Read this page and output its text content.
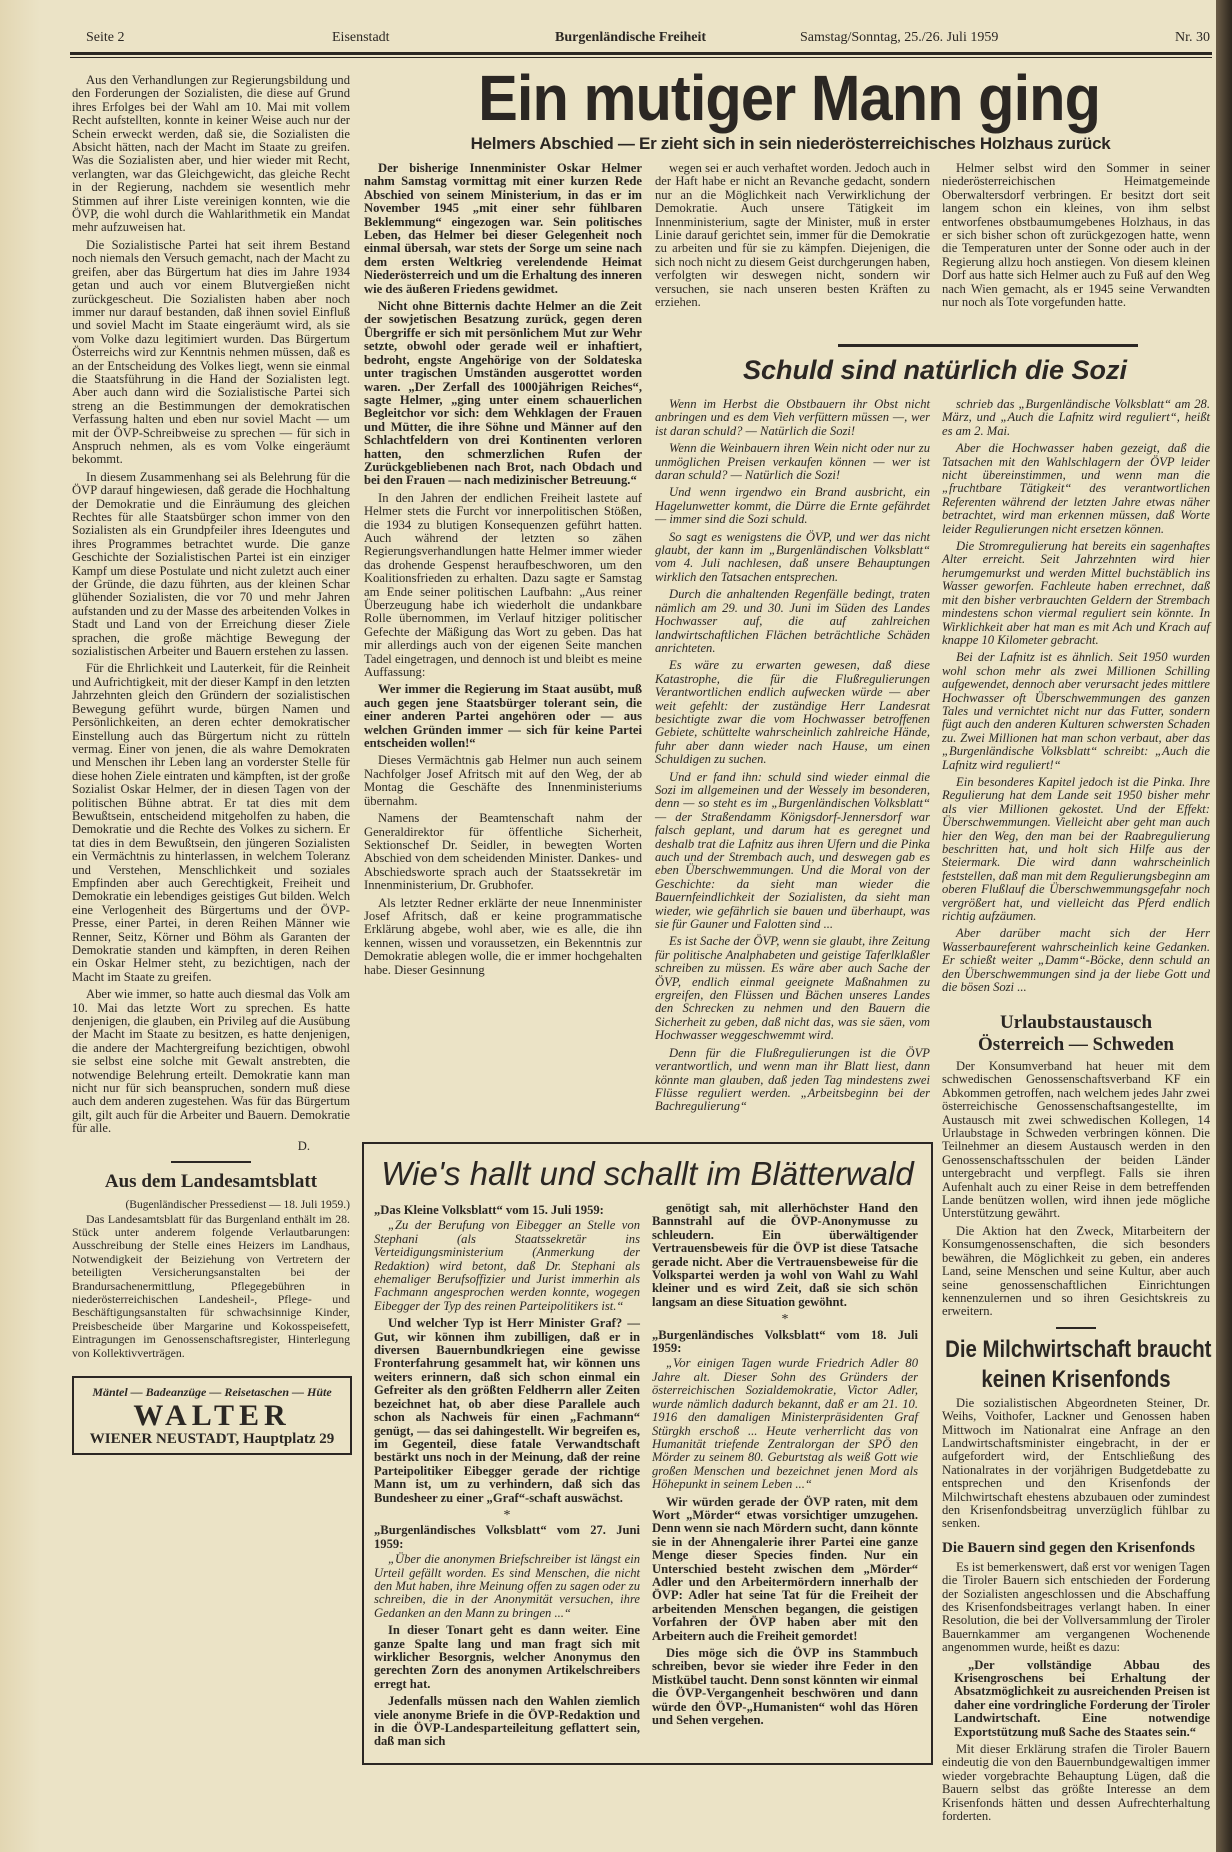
Seite 2	Eisenstadt	Burgenländische Freiheit	Samstag/Sonntag, 25./26. Juli 1959	Nr. 30

Aus den Verhandlungen zur Regierungsbildung und den Forderungen der Sozialisten, die diese auf Grund ihres Erfolges bei der Wahl am 10. Mai mit vollem Recht aufstellten, konnte in keiner Weise auch nur der Schein erweckt werden, daß sie, die Sozialisten die Absicht hätten, nach der Macht im Staate zu greifen. Was die Sozialisten aber, und hier wieder mit Recht, verlangten, war das Gleichgewicht, das gleiche Recht in der Regierung, nachdem sie wesentlich mehr Stimmen auf ihrer Liste vereinigen konnten, wie die ÖVP, die wohl durch die Wahlarithmetik ein Mandat mehr aufzuweisen hat.

Die Sozialistische Partei hat seit ihrem Bestand noch niemals den Versuch gemacht, nach der Macht zu greifen, aber das Bürgertum hat dies im Jahre 1934 getan und auch vor einem Blutvergießen nicht zurückgescheut. Die Sozialisten haben aber noch immer nur darauf bestanden, daß ihnen soviel Einfluß und soviel Macht im Staate eingeräumt wird, als sie vom Volke dazu legitimiert wurden. Das Bürgertum Österreichs wird zur Kenntnis nehmen müssen, daß es an der Entscheidung des Volkes liegt, wenn sie einmal die Staatsführung in die Hand der Sozialisten legt. Aber auch dann wird die Sozialistische Partei sich streng an die Bestimmungen der demokratischen Verfassung halten und eben nur soviel Macht — um mit der ÖVP-Schreibweise zu sprechen — für sich in Anspruch nehmen, als es vom Volke eingeräumt bekommt.

In diesem Zusammenhang sei als Belehrung für die ÖVP darauf hingewiesen, daß gerade die Hochhaltung der Demokratie und die Einräumung des gleichen Rechtes für alle Staatsbürger schon immer von den Sozialisten als ein Grundpfeiler ihres Ideengutes und ihres Programmes betrachtet wurde. Die ganze Geschichte der Sozialistischen Partei ist ein einziger Kampf um diese Postulate und nicht zuletzt auch einer der Gründe, die dazu führten, aus der kleinen Schar glühender Sozialisten, die vor 70 und mehr Jahren aufstanden und zu der Masse des arbeitenden Volkes in Stadt und Land von der Erreichung dieser Ziele sprachen, die große mächtige Bewegung der sozialistischen Arbeiter und Bauern erstehen zu lassen.

Für die Ehrlichkeit und Lauterkeit, für die Reinheit und Aufrichtigkeit, mit der dieser Kampf in den letzten Jahrzehnten gleich den Gründern der sozialistischen Bewegung geführt wurde, bürgen Namen und Persönlichkeiten, an deren echter demokratischer Einstellung auch das Bürgertum nicht zu rütteln vermag. Einer von jenen, die als wahre Demokraten und Menschen ihr Leben lang an vorderster Stelle für diese hohen Ziele eintraten und kämpften, ist der große Sozialist Oskar Helmer, der in diesen Tagen von der politischen Bühne abtrat. Er tat dies mit dem Bewußtsein, entscheidend mitgeholfen zu haben, die Demokratie und die Rechte des Volkes zu sichern. Er tat dies in dem Bewußtsein, den jüngeren Sozialisten ein Vermächtnis zu hinterlassen, in welchem Toleranz und Verstehen, Menschlichkeit und soziales Empfinden aber auch Gerechtigkeit, Freiheit und Demokratie ein lebendiges geistiges Gut bilden. Welch eine Verlogenheit des Bürgertums und der ÖVP-Presse, einer Partei, in deren Reihen Männer wie Renner, Seitz, Körner und Böhm als Garanten der Demokratie standen und kämpften, in deren Reihen ein Oskar Helmer steht, zu bezichtigen, nach der Macht im Staate zu greifen.

Aber wie immer, so hatte auch diesmal das Volk am 10. Mai das letzte Wort zu sprechen. Es hatte denjenigen, die glauben, ein Privileg auf die Ausübung der Macht im Staate zu besitzen, es hatte denjenigen, die andere der Machtergreifung bezichtigen, obwohl sie selbst eine solche mit Gewalt anstrebten, die notwendige Belehrung erteilt. Demokratie kann man nicht nur für sich beanspruchen, sondern muß diese auch dem anderen zugestehen. Was für das Bürgertum gilt, gilt auch für die Arbeiter und Bauern. Demokratie für alle.

D.
Aus dem Landesamtsblatt
(Bugenländischer Pressedienst — 18. Juli 1959.)

Das Landesamtsblatt für das Burgenland enthält im 28. Stück unter anderem folgende Verlautbarungen: Ausschreibung der Stelle eines Heizers im Landhaus, Notwendigkeit der Beiziehung von Vertretern der beteiligten Versicherungsanstalten bei der Brandursachenermittlung, Pflegegebühren in niederösterreichischen Landesheil-, Pflege- und Beschäftigungsanstalten für schwachsinnige Kinder, Preisbescheide über Margarine und Kokosspeisefett, Eintragungen im Genossenschaftsregister, Hinterlegung von Kollektivverträgen.

Mäntel — Badeanzüge — Reisetaschen — Hüte
WALTER
WIENER NEUSTADT, Hauptplatz 29
Ein mutiger Mann ging
Helmers Abschied — Er zieht sich in sein niederösterreichisches Holzhaus zurück

Der bisherige Innenminister Oskar Helmer nahm Samstag vormittag mit einer kurzen Rede Abschied von seinem Ministerium, in das er im November 1945 „mit einer sehr fühlbaren Beklemmung“ eingezogen war. Sein politisches Leben, das Helmer bei dieser Gelegenheit noch einmal übersah, war stets der Sorge um seine nach dem ersten Weltkrieg verelendende Heimat Niederösterreich und um die Erhaltung des inneren wie des äußeren Friedens gewidmet.

Nicht ohne Bitternis dachte Helmer an die Zeit der sowjetischen Besatzung zurück, gegen deren Übergriffe er sich mit persönlichem Mut zur Wehr setzte, obwohl oder gerade weil er inhaftiert, bedroht, engste Angehörige von der Soldateska unter tragischen Umständen ausgerottet worden waren. „Der Zerfall des 1000jährigen Reiches“, sagte Helmer, „ging unter einem schauerlichen Begleitchor vor sich: dem Wehklagen der Frauen und Mütter, die ihre Söhne und Männer auf den Schlachtfeldern von drei Kontinenten verloren hatten, den schmerzlichen Rufen der Zurückgebliebenen nach Brot, nach Obdach und bei den Frauen — nach medizinischer Betreuung.“

In den Jahren der endlichen Freiheit lastete auf Helmer stets die Furcht vor innerpolitischen Stößen, die 1934 zu blutigen Konsequenzen geführt hatten. Auch während der letzten so zähen Regierungsverhandlungen hatte Helmer immer wieder das drohende Gespenst heraufbeschworen, um den Koalitionsfrieden zu erhalten. Dazu sagte er Samstag am Ende seiner politischen Laufbahn: „Aus reiner Überzeugung habe ich wiederholt die undankbare Rolle übernommen, im Verlauf hitziger politischer Gefechte der Mäßigung das Wort zu geben. Das hat mir allerdings auch von der eigenen Seite manchen Tadel eingetragen, und dennoch ist und bleibt es meine Auffassung:

Wer immer die Regierung im Staat ausübt, muß auch gegen jene Staatsbürger tolerant sein, die einer anderen Partei angehören oder — aus welchen Gründen immer — sich für keine Partei entscheiden wollen!“

Dieses Vermächtnis gab Helmer nun auch seinem Nachfolger Josef Afritsch mit auf den Weg, der ab Montag die Geschäfte des Innenministeriums übernahm.

Namens der Beamtenschaft nahm der Generaldirektor für öffentliche Sicherheit, Sektionschef Dr. Seidler, in bewegten Worten Abschied von dem scheidenden Minister. Dankes- und Abschiedsworte sprach auch der Staatssekretär im Innenministerium, Dr. Grubhofer.

Als letzter Redner erklärte der neue Innenminister Josef Afritsch, daß er keine programmatische Erklärung abgebe, wohl aber, wie es alle, die ihn kennen, wissen und voraussetzen, ein Bekenntnis zur Demokratie ablegen wolle, die er immer hochgehalten habe. Dieser Gesinnung

wegen sei er auch verhaftet worden. Jedoch auch in der Haft habe er nicht an Revanche gedacht, sondern nur an die Möglichkeit nach Verwirklichung der Demokratie. Auch unsere Tätigkeit im Innenministerium, sagte der Minister, muß in erster Linie darauf gerichtet sein, immer für die Demokratie zu arbeiten und für sie zu kämpfen. Diejenigen, die sich noch nicht zu diesem Geist durchgerungen haben, verfolgten wir deswegen nicht, sondern wir versuchen, sie nach unseren besten Kräften zu erziehen.

Helmer selbst wird den Sommer in seiner niederösterreichischen Heimatgemeinde Oberwaltersdorf verbringen. Er besitzt dort seit langem schon ein kleines, von ihm selbst entworfenes obstbaumumgebenes Holzhaus, in das er sich bisher schon oft zurückgezogen hatte, wenn die Temperaturen unter der Sonne oder auch in der Regierung allzu hoch anstiegen. Von diesem kleinen Dorf aus hatte sich Helmer auch zu Fuß auf den Weg nach Wien gemacht, als er 1945 seine Verwandten nur noch als Tote vorgefunden hatte.

Schuld sind natürlich die Sozi

Wenn im Herbst die Obstbauern ihr Obst nicht anbringen und es dem Vieh verfüttern müssen —, wer ist daran schuld? — Natürlich die Sozi!

Wenn die Weinbauern ihren Wein nicht oder nur zu unmöglichen Preisen verkaufen können — wer ist daran schuld? — Natürlich die Sozi!

Und wenn irgendwo ein Brand ausbricht, ein Hagelunwetter kommt, die Dürre die Ernte gefährdet — immer sind die Sozi schuld.

So sagt es wenigstens die ÖVP, und wer das nicht glaubt, der kann im „Burgenländischen Volksblatt“ vom 4. Juli nachlesen, daß unsere Behauptungen wirklich den Tatsachen entsprechen.

Durch die anhaltenden Regenfälle bedingt, traten nämlich am 29. und 30. Juni im Süden des Landes Hochwasser auf, die auf zahlreichen landwirtschaftlichen Flächen beträchtliche Schäden anrichteten.

Es wäre zu erwarten gewesen, daß diese Katastrophe, die für die Flußregulierungen Verantwortlichen endlich aufwecken würde — aber weit gefehlt: der zuständige Herr Landesrat besichtigte zwar die vom Hochwasser betroffenen Gebiete, schüttelte wahrscheinlich zahlreiche Hände, fuhr aber dann wieder nach Hause, um einen Schuldigen zu suchen.

Und er fand ihn: schuld sind wieder einmal die Sozi im allgemeinen und der Wessely im besonderen, denn — so steht es im „Burgenländischen Volksblatt“ — der Straßendamm Königsdorf-Jennersdorf war falsch geplant, und darum hat es geregnet und deshalb trat die Lafnitz aus ihren Ufern und die Pinka auch und der Strembach auch, und deswegen gab es eben Überschwemmungen. Und die Moral von der Geschichte: da sieht man wieder die Bauernfeindlichkeit der Sozialisten, da sieht man wieder, wie gefährlich sie bauen und überhaupt, was sie für Gauner und Falotten sind ...

Es ist Sache der ÖVP, wenn sie glaubt, ihre Zeitung für politische Analphabeten und geistige Taferlklaßler schreiben zu müssen. Es wäre aber auch Sache der ÖVP, endlich einmal geeignete Maßnahmen zu ergreifen, den Flüssen und Bächen unseres Landes den Schrecken zu nehmen und den Bauern die Sicherheit zu geben, daß nicht das, was sie säen, vom Hochwasser weggeschwemmt wird.

Denn für die Flußregulierungen ist die ÖVP verantwortlich, und wenn man ihr Blatt liest, dann könnte man glauben, daß jeden Tag mindestens zwei Flüsse reguliert werden. „Arbeitsbeginn bei der Bachregulierung“

schrieb das „Burgenländische Volksblatt“ am 28. März, und „Auch die Lafnitz wird reguliert“, heißt es am 2. Mai.

Aber die Hochwasser haben gezeigt, daß die Tatsachen mit den Wahlschlagern der ÖVP leider nicht übereinstimmen, und wenn man die „fruchtbare Tätigkeit“ des verantwortlichen Referenten während der letzten Jahre etwas näher betrachtet, wird man erkennen müssen, daß Worte leider Regulierungen nicht ersetzen können.

Die Stromregulierung hat bereits ein sagenhaftes Alter erreicht. Seit Jahrzehnten wird hier herumgemurkst und werden Mittel buchstäblich ins Wasser geworfen. Fachleute haben errechnet, daß mit den bisher verbrauchten Geldern der Strembach mindestens schon viermal reguliert sein könnte. In Wirklichkeit aber hat man es mit Ach und Krach auf knappe 10 Kilometer gebracht.

Bei der Lafnitz ist es ähnlich. Seit 1950 wurden wohl schon mehr als zwei Millionen Schilling aufgewendet, dennoch aber verursacht jedes mittlere Hochwasser oft Überschwemmungen des ganzen Tales und vernichtet nicht nur das Futter, sondern fügt auch den anderen Kulturen schwersten Schaden zu. Zwei Millionen hat man schon verbaut, aber das „Burgenländische Volksblatt“ schreibt: „Auch die Lafnitz wird reguliert!“

Ein besonderes Kapitel jedoch ist die Pinka. Ihre Regulierung hat dem Lande seit 1950 bisher mehr als vier Millionen gekostet. Und der Effekt: Überschwemmungen. Vielleicht aber geht man auch hier den Weg, den man bei der Raabregulierung beschritten hat, und holt sich Hilfe aus der Steiermark. Die wird dann wahrscheinlich feststellen, daß man mit dem Regulierungsbeginn am oberen Flußlauf die Überschwemmungsgefahr noch vergrößert hat, und vielleicht das Pferd endlich richtig aufzäumen.

Aber darüber macht sich der Herr Wasserbaureferent wahrscheinlich keine Gedanken. Er schießt weiter „Damm“-Böcke, denn schuld an den Überschwemmungen sind ja der liebe Gott und die bösen Sozi ...

Urlaubstaustausch
Österreich — Schweden

Der Konsumverband hat heuer mit dem schwedischen Genossenschaftsverband KF ein Abkommen getroffen, nach welchem jedes Jahr zwei österreichische Genossenschaftsangestellte, im Austausch mit zwei schwedischen Kollegen, 14 Urlaubstage in Schweden verbringen können. Die Teilnehmer an diesem Austausch werden in den Genossenschaftsschulen der beiden Länder untergebracht und verpflegt. Falls sie ihren Aufenhalt auch zu einer Reise in dem betreffenden Lande benützen wollen, wird ihnen jede mögliche Unterstützung gewährt.

Die Aktion hat den Zweck, Mitarbeitern der Konsumgenossenschaften, die sich besonders bewähren, die Möglichkeit zu geben, ein anderes Land, seine Menschen und seine Kultur, aber auch seine genossenschaftlichen Einrichtungen kennenzulernen und so ihren Gesichtskreis zu erweitern.

Die Milchwirtschaft braucht
keinen Krisenfonds

Die sozialistischen Abgeordneten Steiner, Dr. Weihs, Voithofer, Lackner und Genossen haben Mittwoch im Nationalrat eine Anfrage an den Landwirtschaftsminister eingebracht, in der er aufgefordert wird, der Entschließung des Nationalrates in der vorjährigen Budgetdebatte zu entsprechen und den Krisenfonds der Milchwirtschaft ehestens abzubauen oder zumindest den Krisenfondsbeitrag unverzüglich fühlbar zu senken.

Die Bauern sind gegen den Krisenfonds

Es ist bemerkenswert, daß erst vor wenigen Tagen die Tiroler Bauern sich entschieden der Forderung der Sozialisten angeschlossen und die Abschaffung des Krisenfondsbeitrages verlangt haben. In einer Resolution, die bei der Vollversammlung der Tiroler Bauernkammer am vergangenen Wochenende angenommen wurde, heißt es dazu:

„Der vollständige Abbau des Krisengroschens bei Erhaltung der Absatzmöglichkeit zu ausreichenden Preisen ist daher eine vordringliche Forderung der Tiroler Landwirtschaft. Eine notwendige Exportstützung muß Sache des Staates sein.“

Mit dieser Erklärung strafen die Tiroler Bauern eindeutig die von den Bauernbundgewaltigen immer wieder vorgebrachte Behauptung Lügen, daß die Bauern selbst das größte Interesse an dem Krisenfonds hätten und dessen Aufrechterhaltung forderten.

Wie's hallt und schallt im Blätterwald
„Das Kleine Volksblatt“ vom 15. Juli 1959:

„Zu der Berufung von Eibegger an Stelle von Stephani (als Staatssekretär ins Verteidigungsministerium (Anmerkung der Redaktion) wird betont, daß Dr. Stephani als ehemaliger Berufsoffizier und Jurist immerhin als Fachmann angesprochen werden konnte, wogegen Eibegger der Typ des reinen Parteipolitikers ist.“

Und welcher Typ ist Herr Minister Graf? — Gut, wir können ihm zubilligen, daß er in diversen Bauernbundkriegen eine gewisse Fronterfahrung gesammelt hat, wir können uns weiters erinnern, daß sich schon einmal ein Gefreiter als den größten Feldherrn aller Zeiten bezeichnet hat, ob aber diese Parallele auch schon als Nachweis für einen „Fachmann“ genügt, — das sei dahingestellt. Wir begreifen es, im Gegenteil, diese fatale Verwandtschaft bestärkt uns noch in der Meinung, daß der reine Parteipolitiker Eibegger gerade der richtige Mann ist, um zu verhindern, daß sich das Bundesheer zu einer „Graf“-schaft auswächst.

*
„Burgenländisches Volksblatt“ vom 27. Juni 1959:

„Über die anonymen Briefschreiber ist längst ein Urteil gefällt worden. Es sind Menschen, die nicht den Mut haben, ihre Meinung offen zu sagen oder zu schreiben, die in der Anonymität versuchen, ihre Gedanken an den Mann zu bringen ...“

In dieser Tonart geht es dann weiter. Eine ganze Spalte lang und man fragt sich mit wirklicher Besorgnis, welcher Anonymus den gerechten Zorn des anonymen Artikelschreibers erregt hat.

Jedenfalls müssen nach den Wahlen ziemlich viele anonyme Briefe in die ÖVP-Redaktion und in die ÖVP-Landesparteileitung geflattert sein, daß man sich

genötigt sah, mit allerhöchster Hand den Bannstrahl auf die ÖVP-Anonymusse zu schleudern. Ein überwältigender Vertrauensbeweis für die ÖVP ist diese Tatsache gerade nicht. Aber die Vertrauensbeweise für die Volkspartei werden ja wohl von Wahl zu Wahl kleiner und es wird Zeit, daß sie sich schön langsam an diese Situation gewöhnt.

*
„Burgenländisches Volksblatt“ vom 18. Juli 1959:

„Vor einigen Tagen wurde Friedrich Adler 80 Jahre alt. Dieser Sohn des Gründers der österreichischen Sozialdemokratie, Victor Adler, wurde nämlich dadurch bekannt, daß er am 21. 10. 1916 den damaligen Ministerpräsidenten Graf Stürgkh erschoß ... Heute verherrlicht das von Humanität triefende Zentralorgan der SPÖ den Mörder zu seinem 80. Geburtstag als weiß Gott wie großen Menschen und bezeichnet jenen Mord als Höhepunkt in seinem Leben ...“

Wir würden gerade der ÖVP raten, mit dem Wort „Mörder“ etwas vorsichtiger umzugehen. Denn wenn sie nach Mördern sucht, dann könnte sie in der Ahnengalerie ihrer Partei eine ganze Menge dieser Species finden. Nur ein Unterschied besteht zwischen dem „Mörder“ Adler und den Arbeitermördern innerhalb der ÖVP: Adler hat seine Tat für die Freiheit der arbeitenden Menschen begangen, die geistigen Vorfahren der ÖVP haben aber mit den Arbeitern auch die Freiheit gemordet!

Dies möge sich die ÖVP ins Stammbuch schreiben, bevor sie wieder ihre Feder in den Mistkübel taucht. Denn sonst könnten wir einmal die ÖVP-Vergangenheit beschwören und dann würde den ÖVP-„Humanisten“ wohl das Hören und Sehen vergehen.
